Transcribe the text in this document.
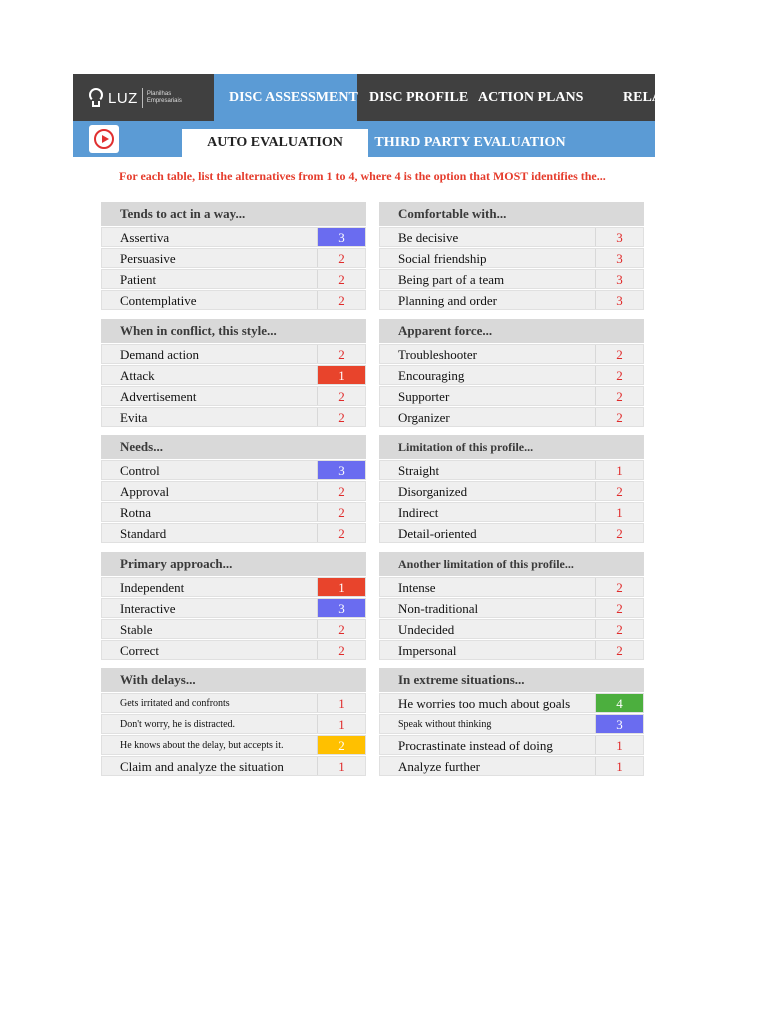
LUZ Planilhas
Empresariais	DISC ASSESSMENT DISC PROFILE ACTION PLANS	RELA
AUTO EVALUATION	THIRD PARTY EVALUATION
For each table, list the alternatives from 1 to 4, where 4 is the option that MOST identifies the...
Tends to act in a way...
Assertiva	3
Persuasive	2
Patient	2
Contemplative	2
Comfortable with...
Be decisive	3
Social friendship	3
Being part of a team	3
Planning and order	3
When in conflict, this style...
Demand action	2
Attack	1
Advertisement	2
Evita	2
Apparent force...
Troubleshooter	2
Encouraging	2
Supporter	2
Organizer	2
Needs...
Control	3
Approval	2
Rotna	2
Standard	2
Limitation of this profile...
Straight	1
Disorganized	2
Indirect	1
Detail-oriented	2
Primary approach...
Independent	1
Interactive	3
Stable	2
Correct	2
Another limitation of this profile...
Intense	2
Non-traditional	2
Undecided	2
Impersonal	2
With delays...
Gets irritated and confronts	1
Don't worry, he is distracted.	1
He knows about the delay, but accepts it.	2
Claim and analyze the situation	1
In extreme situations...
He worries too much about goals	4
Speak without thinking	3
Procrastinate instead of doing	1
Analyze further	1
